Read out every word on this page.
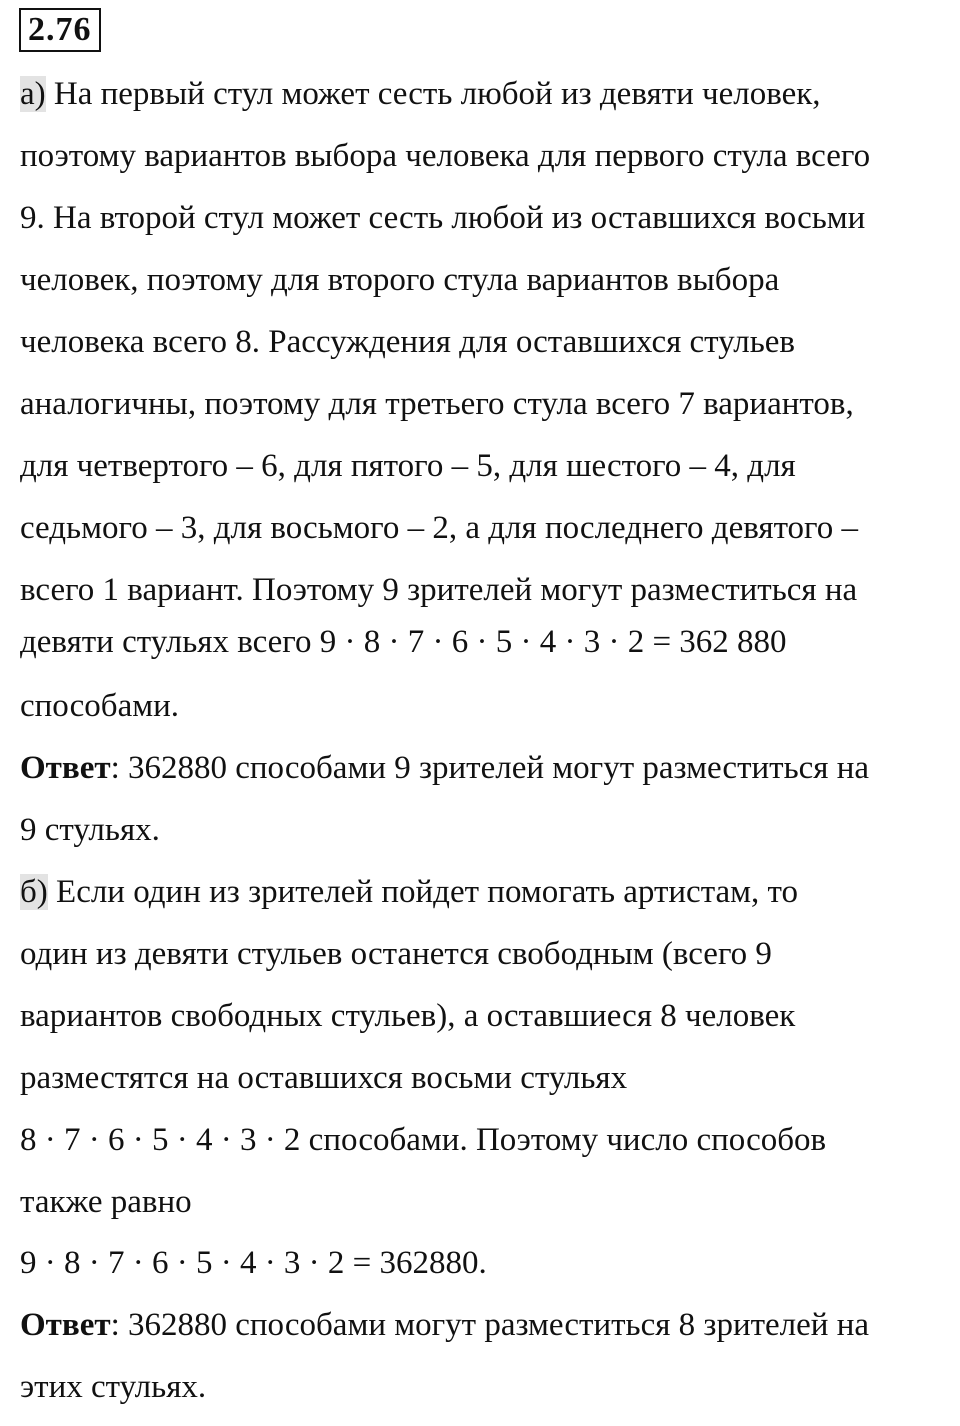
2.76
а) На первый стул может сесть любой из девяти человек,
поэтому вариантов выбора человека для первого стула всего
9. На второй стул может сесть любой из оставшихся восьми
человек, поэтому для второго стула вариантов выбора
человека всего 8. Рассуждения для оставшихся стульев
аналогичны, поэтому для третьего стула всего 7 вариантов,
для четвертого – 6, для пятого – 5, для шестого – 4, для
седьмого – 3, для восьмого – 2, а для последнего девятого –
всего 1 вариант. Поэтому 9 зрителей могут разместиться на
девяти стульях всего 9 · 8 · 7 · 6 · 5 · 4 · 3 · 2 = 362 880
способами.
Ответ: 362880 способами 9 зрителей могут разместиться на
9 стульях.
б) Если один из зрителей пойдет помогать артистам, то
один из девяти стульев останется свободным (всего 9
вариантов свободных стульев), а оставшиеся 8 человек
разместятся на оставшихся восьми стульях
8 · 7 · 6 · 5 · 4 · 3 · 2 способами. Поэтому число способов
также равно
9 · 8 · 7 · 6 · 5 · 4 · 3 · 2 = 362880.
Ответ: 362880 способами могут разместиться 8 зрителей на
этих стульях.
